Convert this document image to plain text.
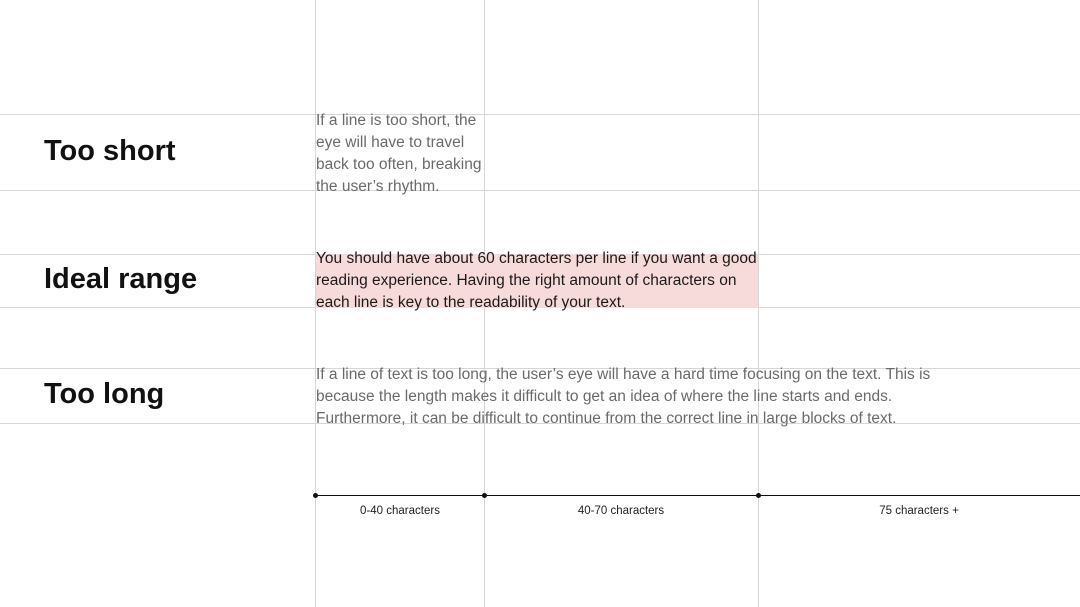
Too short
If a line is too short, the eye will have to travel back too often, breaking the user’s rhythm.
Ideal range
You should have about 60 characters per line if you want a good reading experience. Having the right amount of characters on each line is key to the readability of your text.
Too long
If a line of text is too long, the user’s eye will have a hard time focusing on the text. This is because the length makes it difficult to get an idea of where the line starts and ends. Furthermore, it can be difficult to continue from the correct line in large blocks of text.
0-40 characters	40-70 characters	75 characters +
